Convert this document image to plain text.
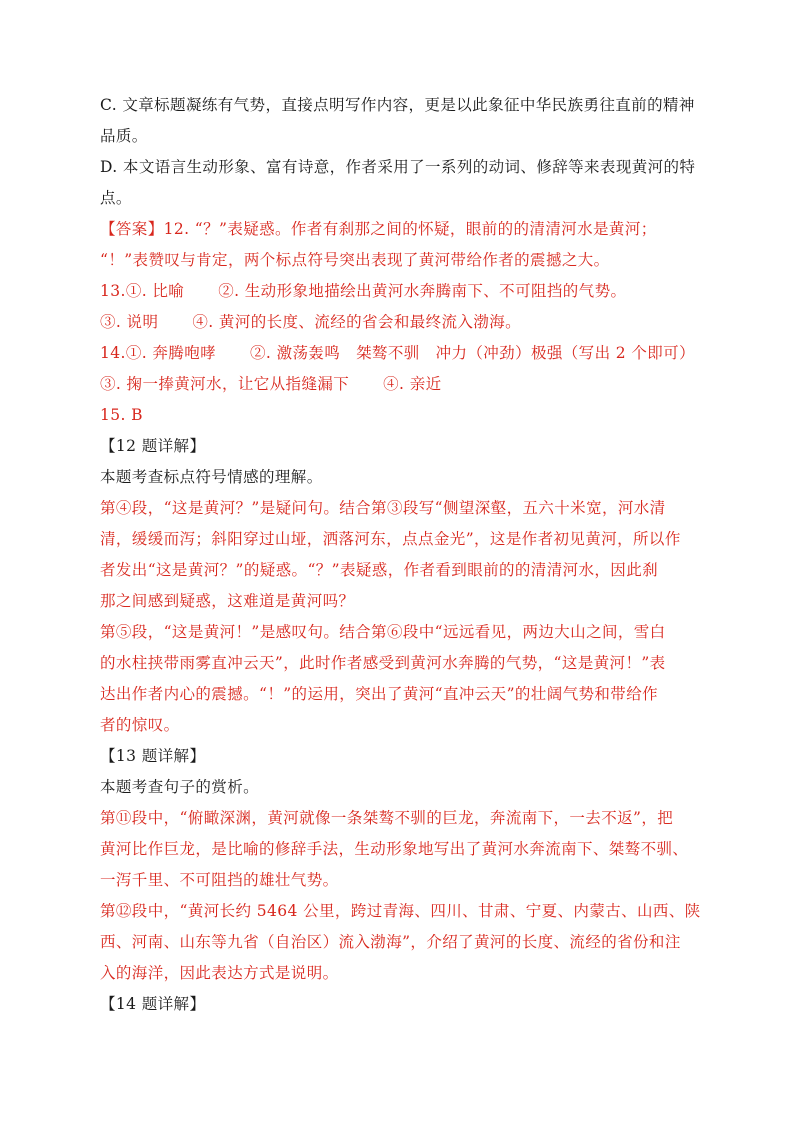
C. 文章标题凝练有气势，直接点明写作内容，更是以此象征中华民族勇往直前的精神
品质。
D. 本文语言生动形象、富有诗意，作者采用了一系列的动词、修辞等来表现黄河的特
点。
【答案】12. “？”表疑惑。作者有刹那之间的怀疑，眼前的的清清河水是黄河；
“！”表赞叹与肯定，两个标点符号突出表现了黄河带给作者的震撼之大。
13.①. 比喻 ②. 生动形象地描绘出黄河水奔腾南下、不可阻挡的气势。
③. 说明 ④. 黄河的长度、流经的省会和最终流入渤海。
14.①. 奔腾咆哮 ②. 激荡轰鸣　桀骜不驯　冲力（冲劲）极强（写出 2 个即可）
③. 掬一捧黄河水，让它从指缝漏下 ④. 亲近
15. B
【12 题详解】
本题考查标点符号情感的理解。
第④段，“这是黄河？”是疑问句。结合第③段写“侧望深壑，五六十米宽，河水清
清，缓缓而泻；斜阳穿过山垭，洒落河东，点点金光”，这是作者初见黄河，所以作
者发出“这是黄河？”的疑惑。“？”表疑惑，作者看到眼前的的清清河水，因此刹
那之间感到疑惑，这难道是黄河吗？
第⑤段，“这是黄河！”是感叹句。结合第⑥段中“远远看见，两边大山之间，雪白
的水柱挟带雨雾直冲云天”，此时作者感受到黄河水奔腾的气势，“这是黄河！”表
达出作者内心的震撼。“！”的运用，突出了黄河“直冲云天”的壮阔气势和带给作
者的惊叹。
【13 题详解】
本题考查句子的赏析。
第⑪段中，“俯瞰深渊，黄河就像一条桀骜不驯的巨龙，奔流南下，一去不返”，把
黄河比作巨龙，是比喻的修辞手法，生动形象地写出了黄河水奔流南下、桀骜不驯、
一泻千里、不可阻挡的雄壮气势。
第⑫段中，“黄河长约 5464 公里，跨过青海、四川、甘肃、宁夏、内蒙古、山西、陕
西、河南、山东等九省（自治区）流入渤海”，介绍了黄河的长度、流经的省份和注
入的海洋，因此表达方式是说明。
【14 题详解】
